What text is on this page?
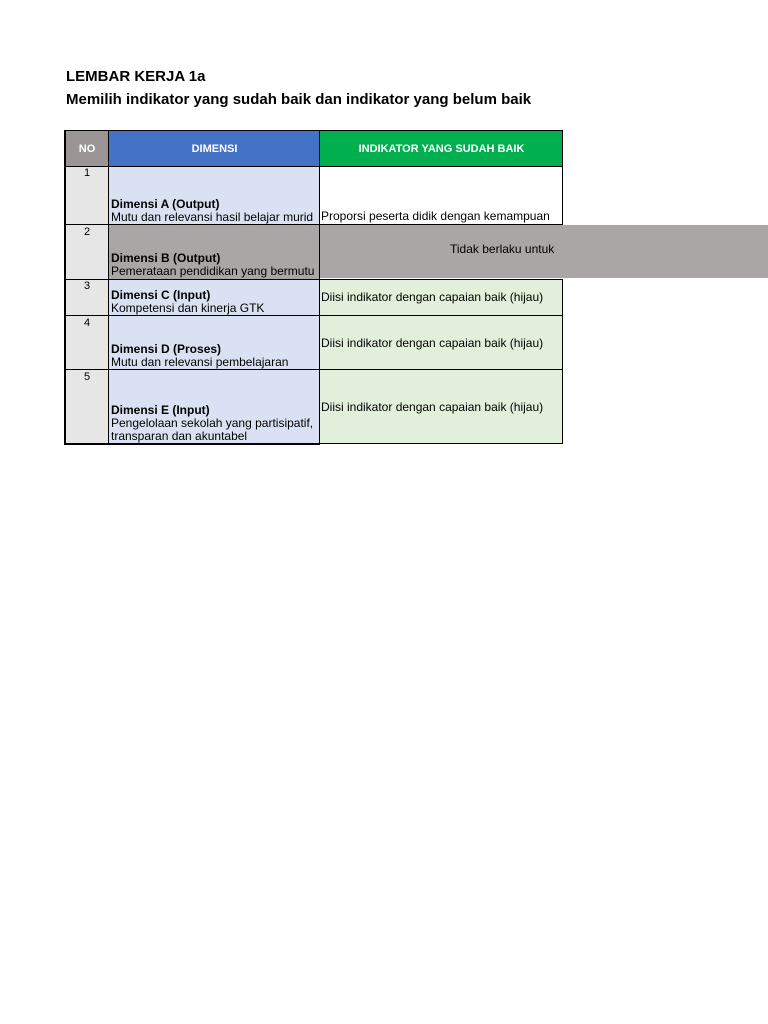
LEMBAR KERJA 1a
Memilih indikator yang sudah baik dan indikator yang belum baik
NO	DIMENSI	INDIKATOR YANG SUDAH BAIK
1
Dimensi A (Output)
Mutu dan relevansi hasil belajar murid Proporsi peserta didik dengan kemampuan
2
Dimensi B (Output)
Pemerataan pendidikan yang bermutu
Tidak berlaku untuk
3
Dimensi C (Input)
Kompetensi dan kinerja GTK
Diisi indikator dengan capaian baik (hijau)
4
Dimensi D (Proses)
Mutu dan relevansi pembelajaran
Diisi indikator dengan capaian baik (hijau)
5
Dimensi E (Input)
Pengelolaan sekolah yang partisipatif, transparan dan akuntabel
Diisi indikator dengan capaian baik (hijau)
